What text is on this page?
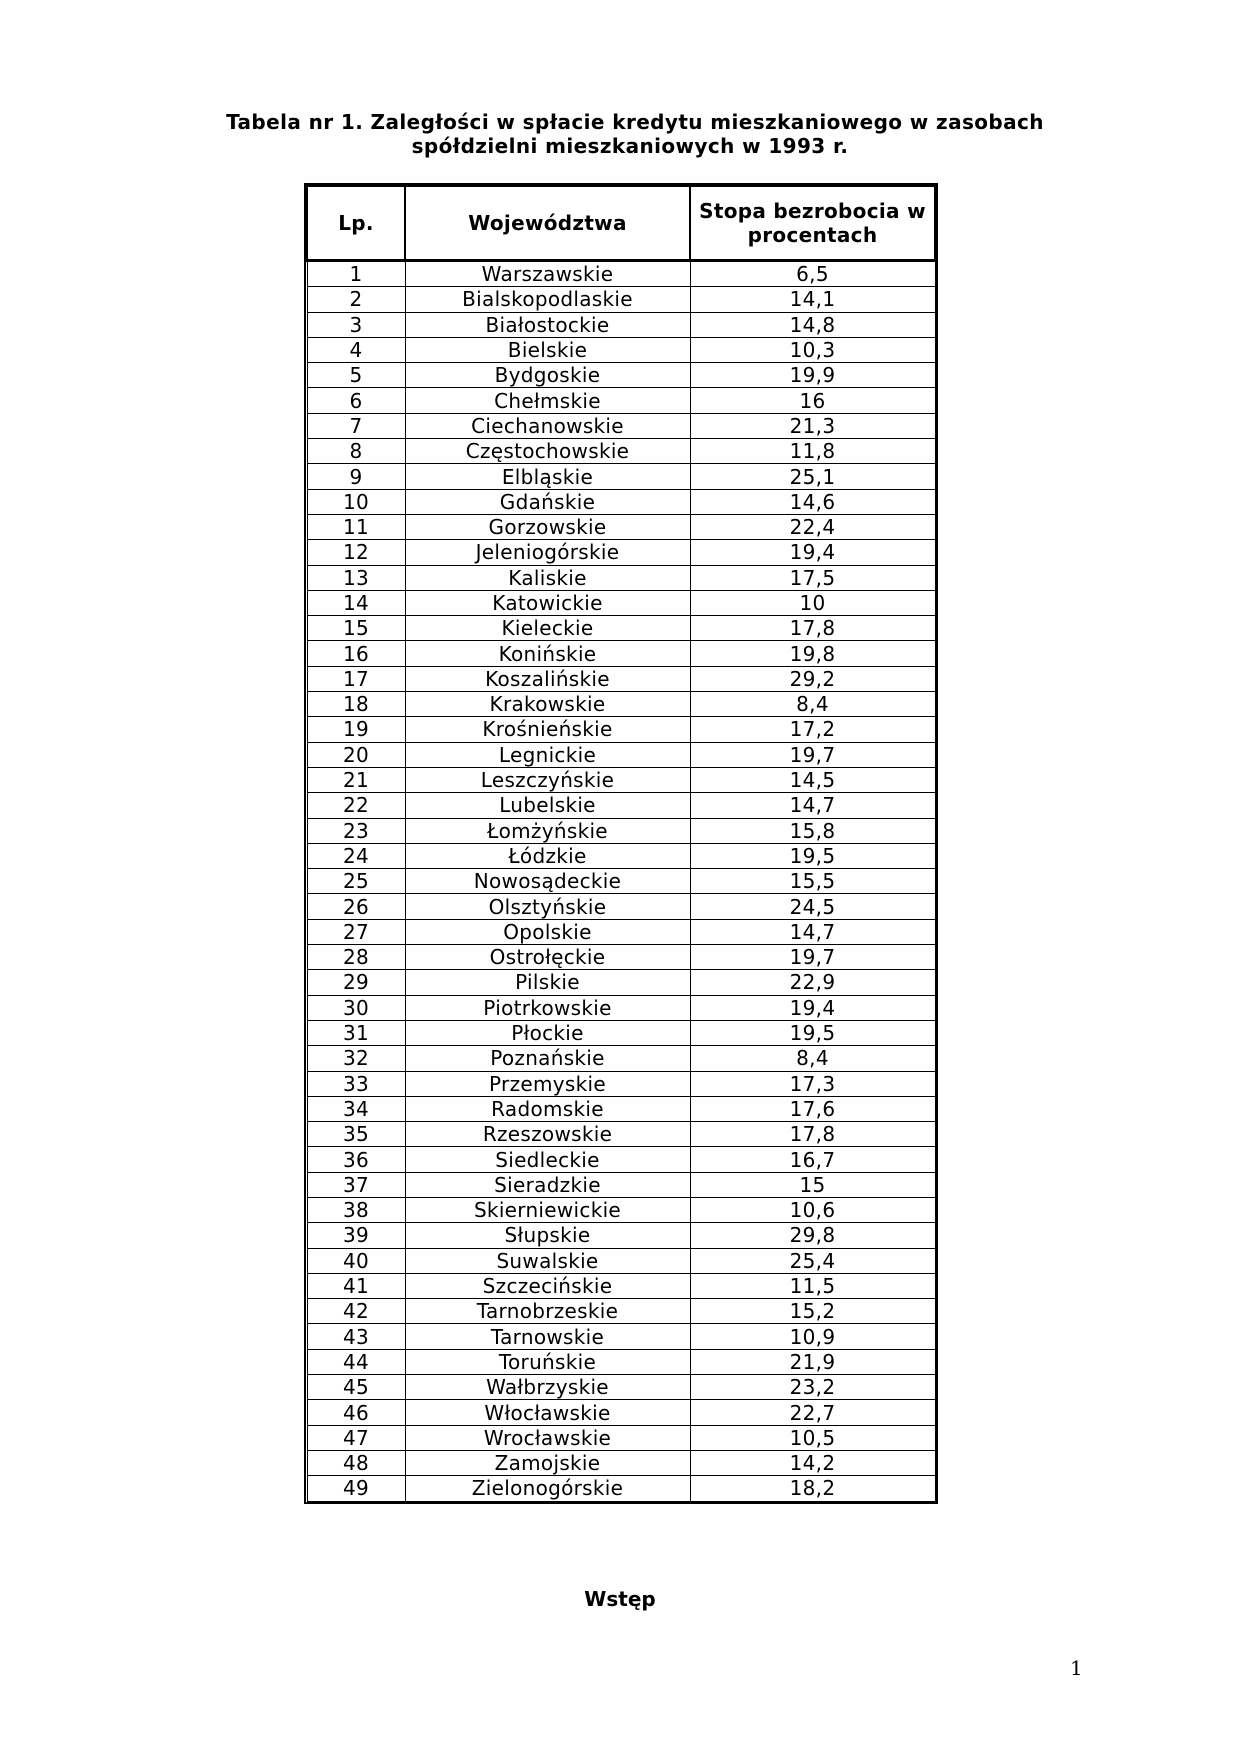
Tabela nr 1. Zaległości w spłacie kredytu mieszkaniowego w zasobach

spółdzielni mieszkaniowych w 1993 r.
Lp.	Województwa	Stopa bezrobocia w procentach
1	Warszawskie	6,5
2	Bialskopodlaskie	14,1
3	Białostockie	14,8
4	Bielskie	10,3
5	Bydgoskie	19,9
6	Chełmskie	16
7	Ciechanowskie	21,3
8	Częstochowskie	11,8
9	Elbląskie	25,1
10	Gdańskie	14,6
11	Gorzowskie	22,4
12	Jeleniogórskie	19,4
13	Kaliskie	17,5
14	Katowickie	10
15	Kieleckie	17,8
16	Konińskie	19,8
17	Koszalińskie	29,2
18	Krakowskie	8,4
19	Krośnieńskie	17,2
20	Legnickie	19,7
21	Leszczyńskie	14,5
22	Lubelskie	14,7
23	Łomżyńskie	15,8
24	Łódzkie	19,5
25	Nowosądeckie	15,5
26	Olsztyńskie	24,5
27	Opolskie	14,7
28	Ostrołęckie	19,7
29	Pilskie	22,9
30	Piotrkowskie	19,4
31	Płockie	19,5
32	Poznańskie	8,4
33	Przemyskie	17,3
34	Radomskie	17,6
35	Rzeszowskie	17,8
36	Siedleckie	16,7
37	Sieradzkie	15
38	Skierniewickie	10,6
39	Słupskie	29,8
40	Suwalskie	25,4
41	Szczecińskie	11,5
42	Tarnobrzeskie	15,2
43	Tarnowskie	10,9
44	Toruńskie	21,9
45	Wałbrzyskie	23,2
46	Włocławskie	22,7
47	Wrocławskie	10,5
48	Zamojskie	14,2
49	Zielonogórskie	18,2
Wstęp
1
